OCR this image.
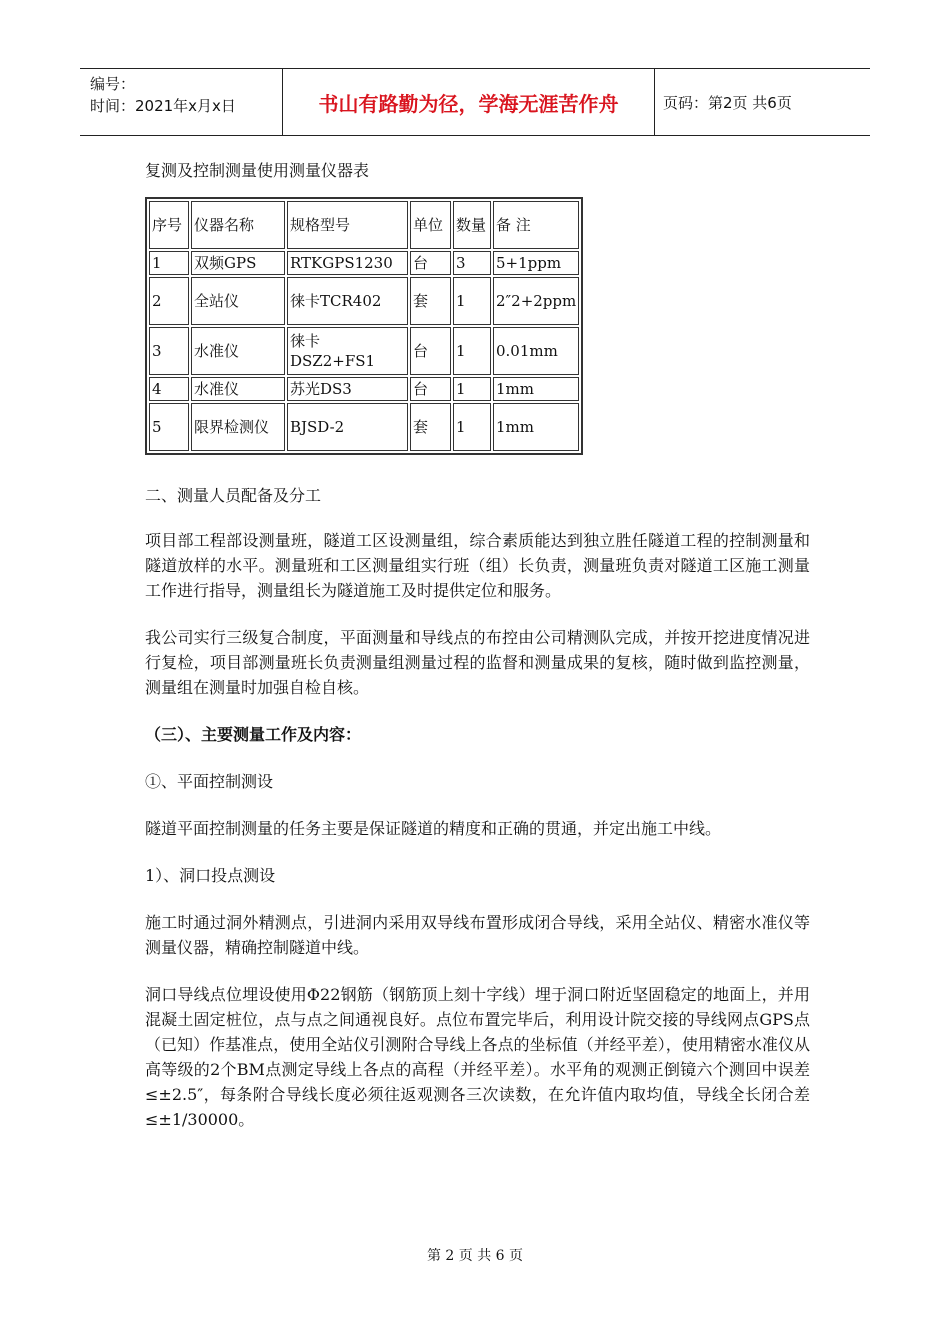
编号：
时间：2021年x月x日	书山有路勤为径，学海无涯苦作舟	页码：第2页 共6页
复测及控制测量使用测量仪器表
序号	仪器名称	规格型号	单位	数量	备 注
1	双频GPS	RTKGPS1230	台	3	5+1ppm
2	全站仪	徕卡TCR402	套	1	2″2+2ppm
3	水准仪	徕卡DSZ2+FS1	台	1	0.01mm
4	水准仪	苏光DS3	台	1	1mm
5	限界检测仪	BJSD-2	套	1	1mm
二、测量人员配备及分工

项目部工程部设测量班，隧道工区设测量组，综合素质能达到独立胜任隧道工程的控制测量和隧道放样的水平。测量班和工区测量组实行班（组）长负责，测量班负责对隧道工区施工测量工作进行指导，测量组长为隧道施工及时提供定位和服务。

我公司实行三级复合制度，平面测量和导线点的布控由公司精测队完成，并按开挖进度情况进行复检，项目部测量班长负责测量组测量过程的监督和测量成果的复核，随时做到监控测量，测量组在测量时加强自检自核。

（三）、主要测量工作及内容：

①、平面控制测设

隧道平面控制测量的任务主要是保证隧道的精度和正确的贯通，并定出施工中线。

1）、洞口投点测设

施工时通过洞外精测点，引进洞内采用双导线布置形成闭合导线，采用全站仪、精密水准仪等测量仪器，精确控制隧道中线。

洞口导线点位埋设使用Φ22钢筋（钢筋顶上刻十字线）埋于洞口附近坚固稳定的地面上，并用混凝土固定桩位，点与点之间通视良好。点位布置完毕后，利用设计院交接的导线网点GPS点（已知）作基准点，使用全站仪引测附合导线上各点的坐标值（并经平差），使用精密水准仪从高等级的2个BM点测定导线上各点的高程（并经平差）。水平角的观测正倒镜六个测回中误差≤±2.5″，每条附合导线长度必须往返观测各三次读数，在允许值内取均值，导线全长闭合差≤±1/30000。

第 2 页 共 6 页
